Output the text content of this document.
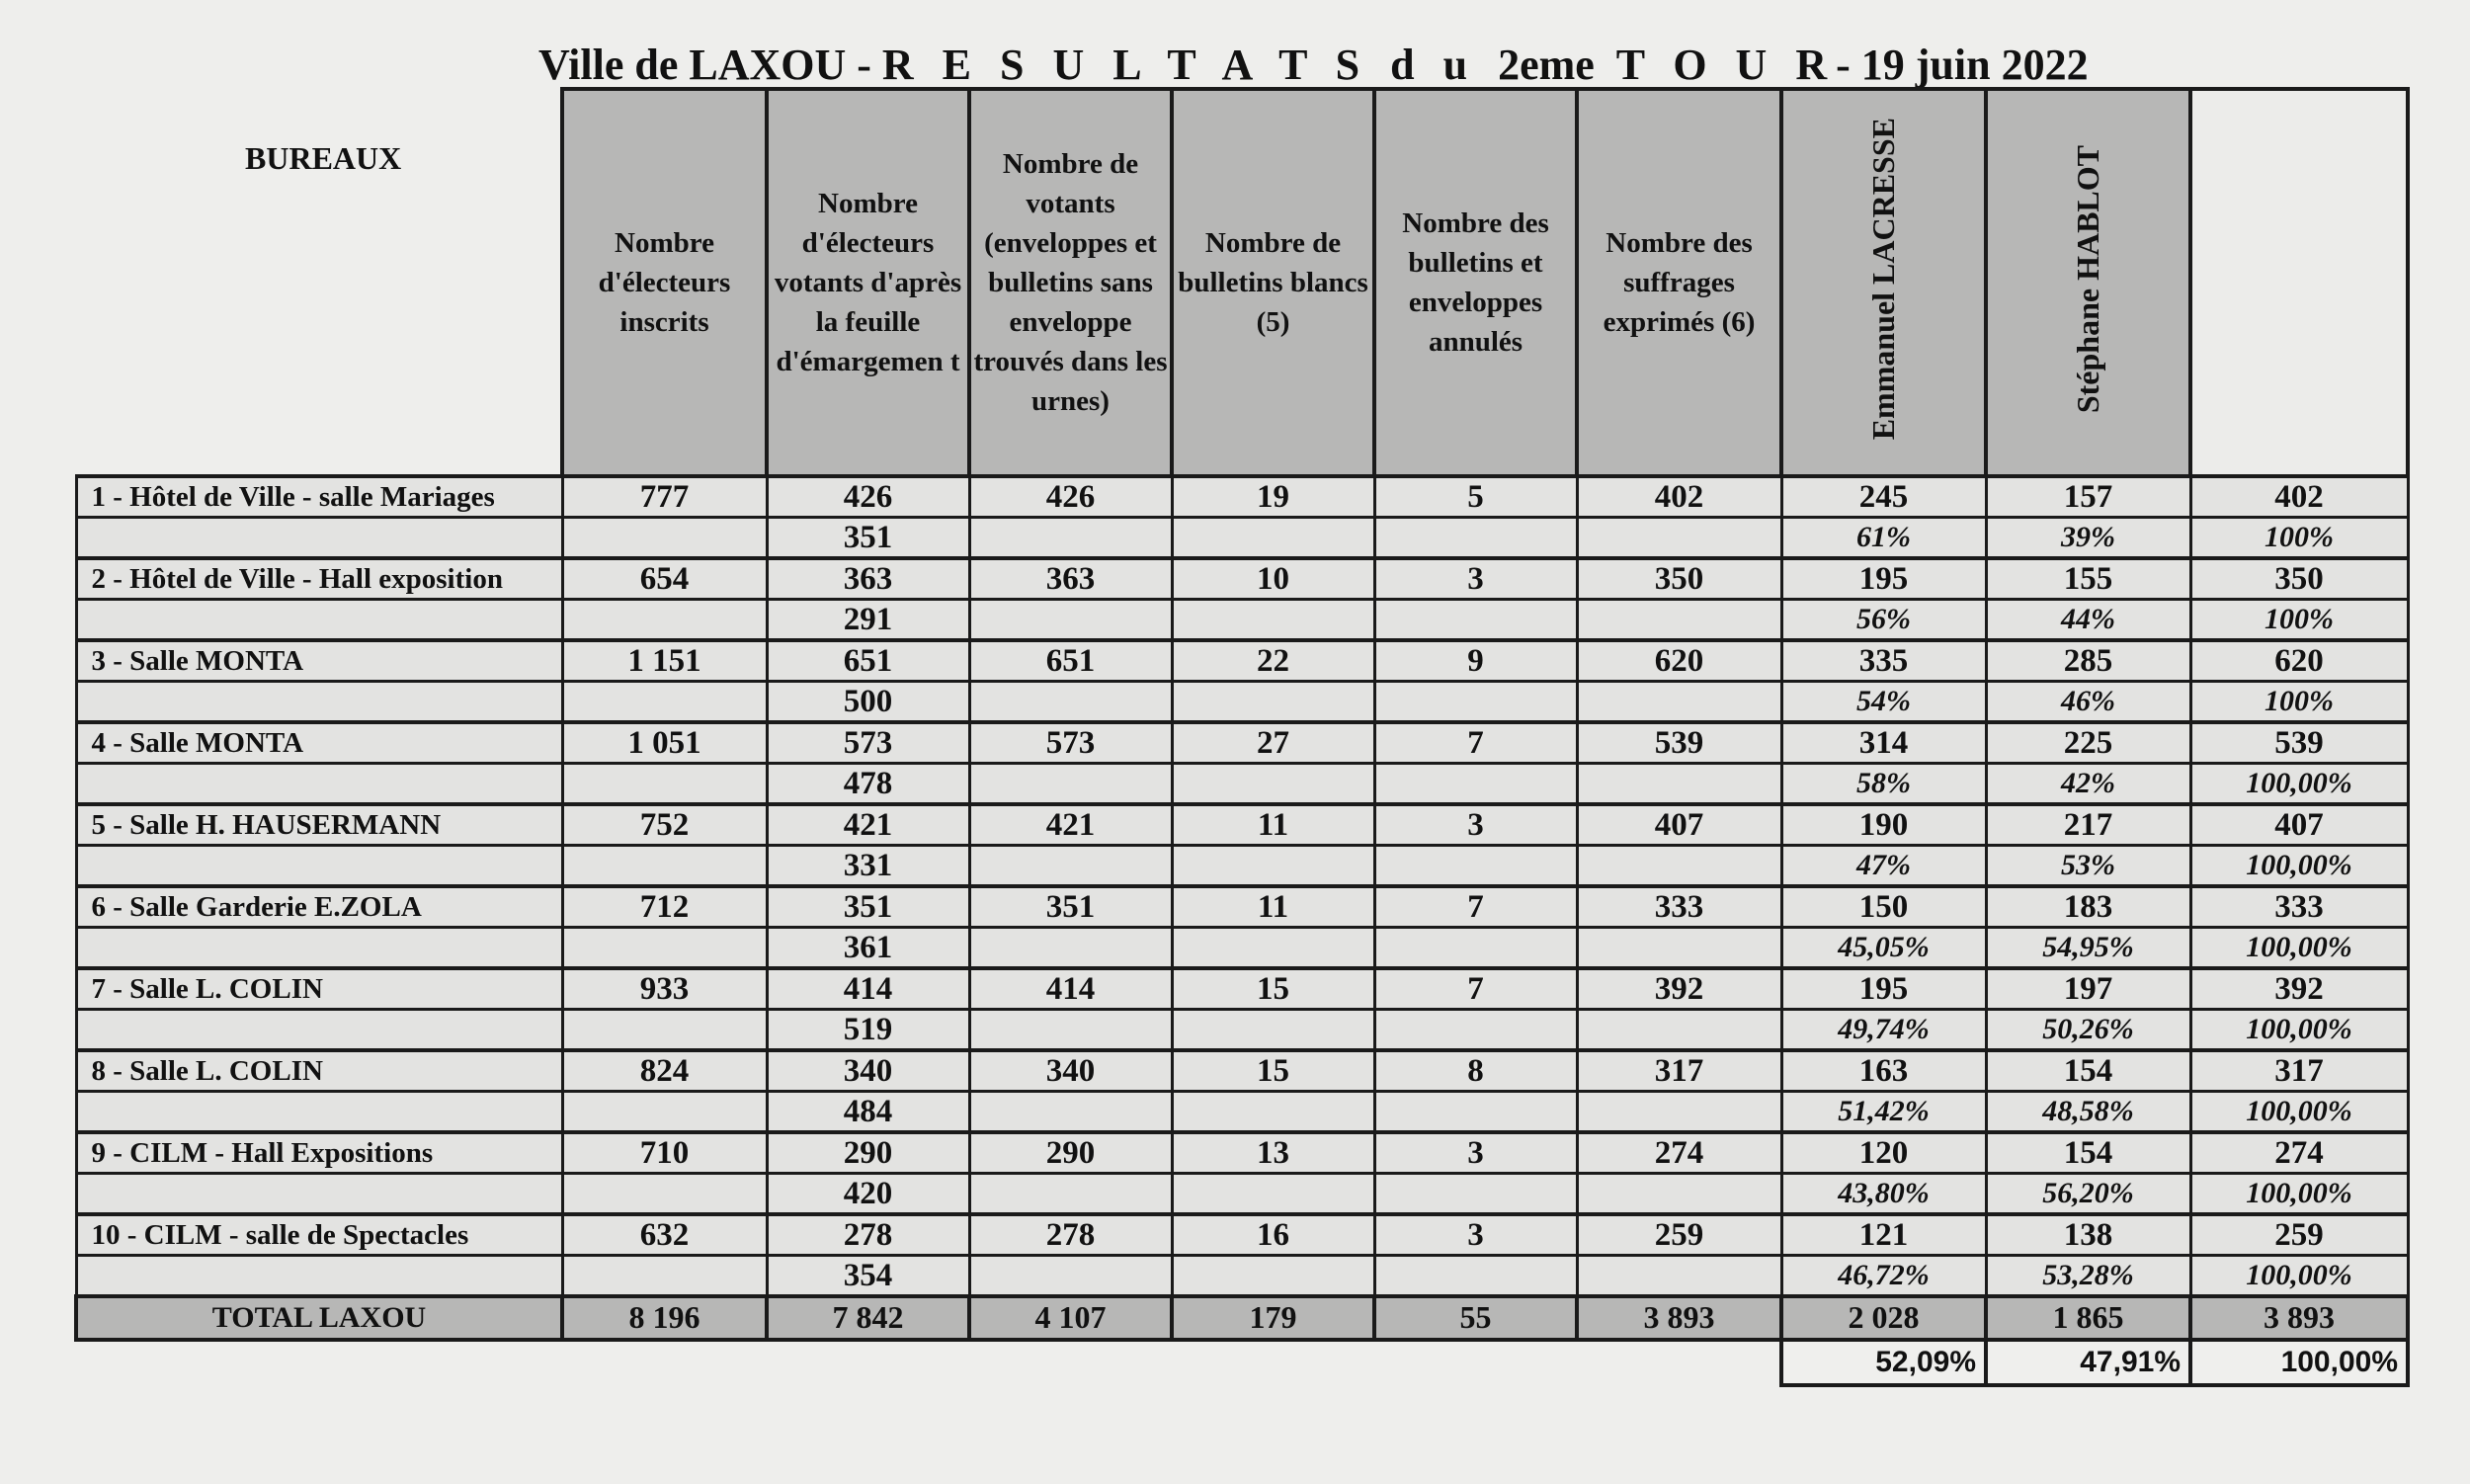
Ville de LAXOU - R E S U L T A T S d u 2eme T O U R- 19 juin 2022
BUREAUX
	Nombre d'électeurs inscrits	Nombre d'électeurs votants d'après la feuille d'émargemen t	Nombre de votants (enveloppes et bulletins sans enveloppe trouvés dans les urnes)	Nombre de bulletins blancs (5)	Nombre des bulletins et enveloppes annulés	Nombre des suffrages exprimés (6)	Emmanuel LACRESSE	Stéphane HABLOT	
1 - Hôtel de Ville - salle Mariages	777	426	426	19	5	402	245	157	402
		351					61%	39%	100%
2 - Hôtel de Ville - Hall exposition	654	363	363	10	3	350	195	155	350
		291					56%	44%	100%
3 - Salle MONTA	1 151	651	651	22	9	620	335	285	620
		500					54%	46%	100%
4 - Salle MONTA	1 051	573	573	27	7	539	314	225	539
		478					58%	42%	100,00%
5 - Salle H. HAUSERMANN	752	421	421	11	3	407	190	217	407
		331					47%	53%	100,00%
6 - Salle Garderie E.ZOLA	712	351	351	11	7	333	150	183	333
		361					45,05%	54,95%	100,00%
7 - Salle L. COLIN	933	414	414	15	7	392	195	197	392
		519					49,74%	50,26%	100,00%
8 - Salle L. COLIN	824	340	340	15	8	317	163	154	317
		484					51,42%	48,58%	100,00%
9 - CILM - Hall Expositions	710	290	290	13	3	274	120	154	274
		420					43,80%	56,20%	100,00%
10 - CILM - salle de Spectacles	632	278	278	16	3	259	121	138	259
		354					46,72%	53,28%	100,00%
TOTAL LAXOU	8 196	7 842	4 107	179	55	3 893	2 028	1 865	3 893
							52,09%	47,91%	100,00%
